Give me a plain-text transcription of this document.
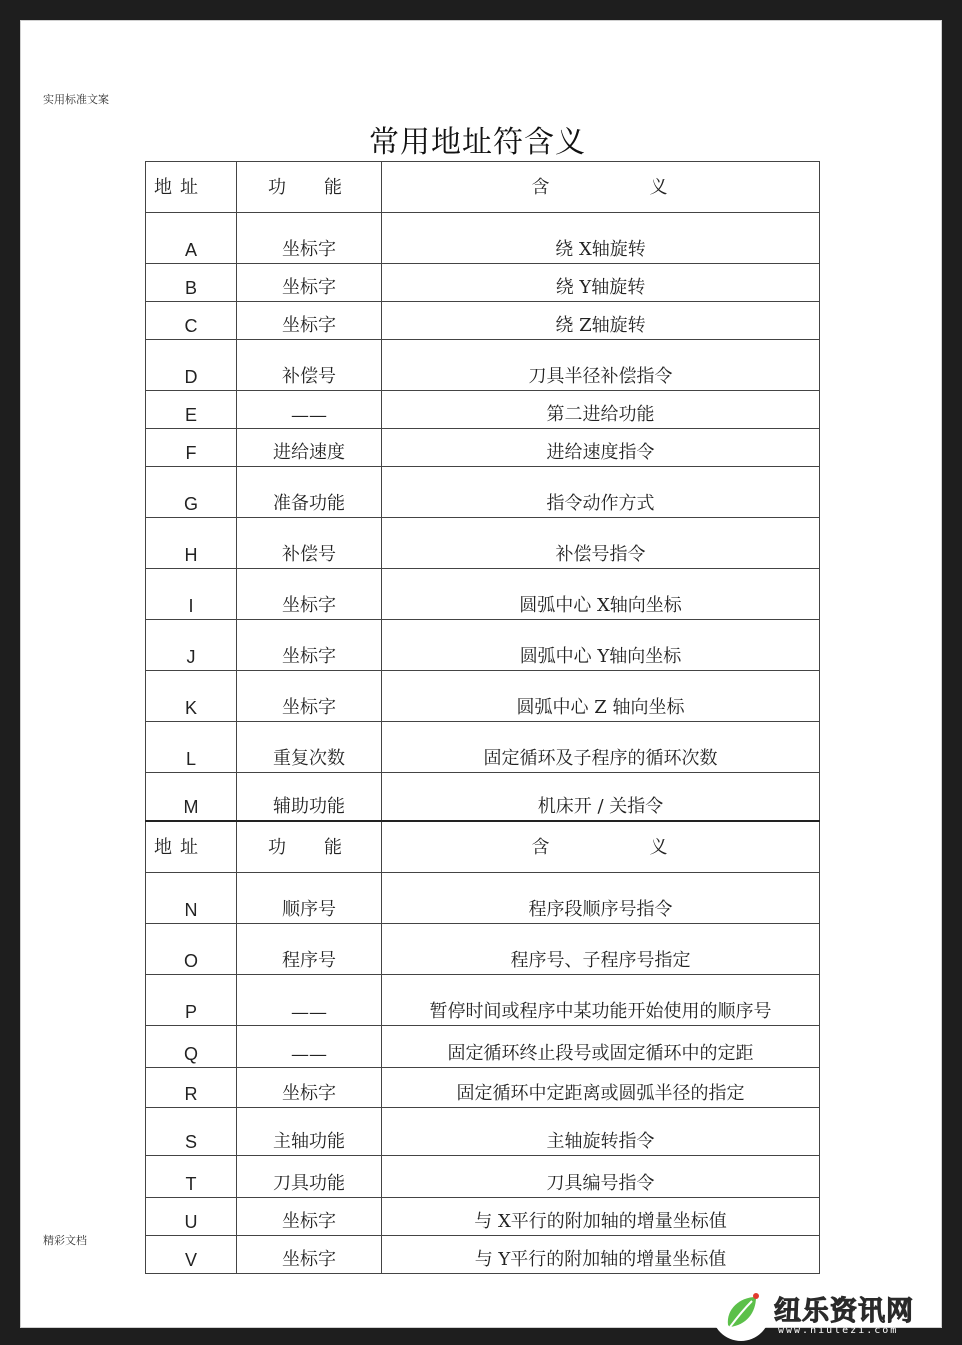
实用标准文案
常用地址符含义
地址	功能	含义
A	坐标字	绕 X轴旋转
B	坐标字	绕 Y轴旋转
C	坐标字	绕 Z轴旋转
D	补偿号	刀具半径补偿指令
E	——	第二进给功能
F	进给速度	进给速度指令
G	准备功能	指令动作方式
H	补偿号	补偿号指令
I	坐标字	圆弧中心 X轴向坐标
J	坐标字	圆弧中心 Y轴向坐标
K	坐标字	圆弧中心 Z 轴向坐标
L	重复次数	固定循环及子程序的循环次数
M	辅助功能	机床开 / 关指令
地址	功能	含义
N	顺序号	程序段顺序号指令
O	程序号	程序号、子程序号指定
P	——	暂停时间或程序中某功能开始使用的顺序号
Q	——	固定循环终止段号或固定循环中的定距
R	坐标字	固定循环中定距离或圆弧半径的指定
S	主轴功能	主轴旋转指令
T	刀具功能	刀具编号指令
U	坐标字	与 X平行的附加轴的增量坐标值
V	坐标字	与 Y平行的附加轴的增量坐标值
精彩文档
纽乐资讯网
www.niulezi.com
